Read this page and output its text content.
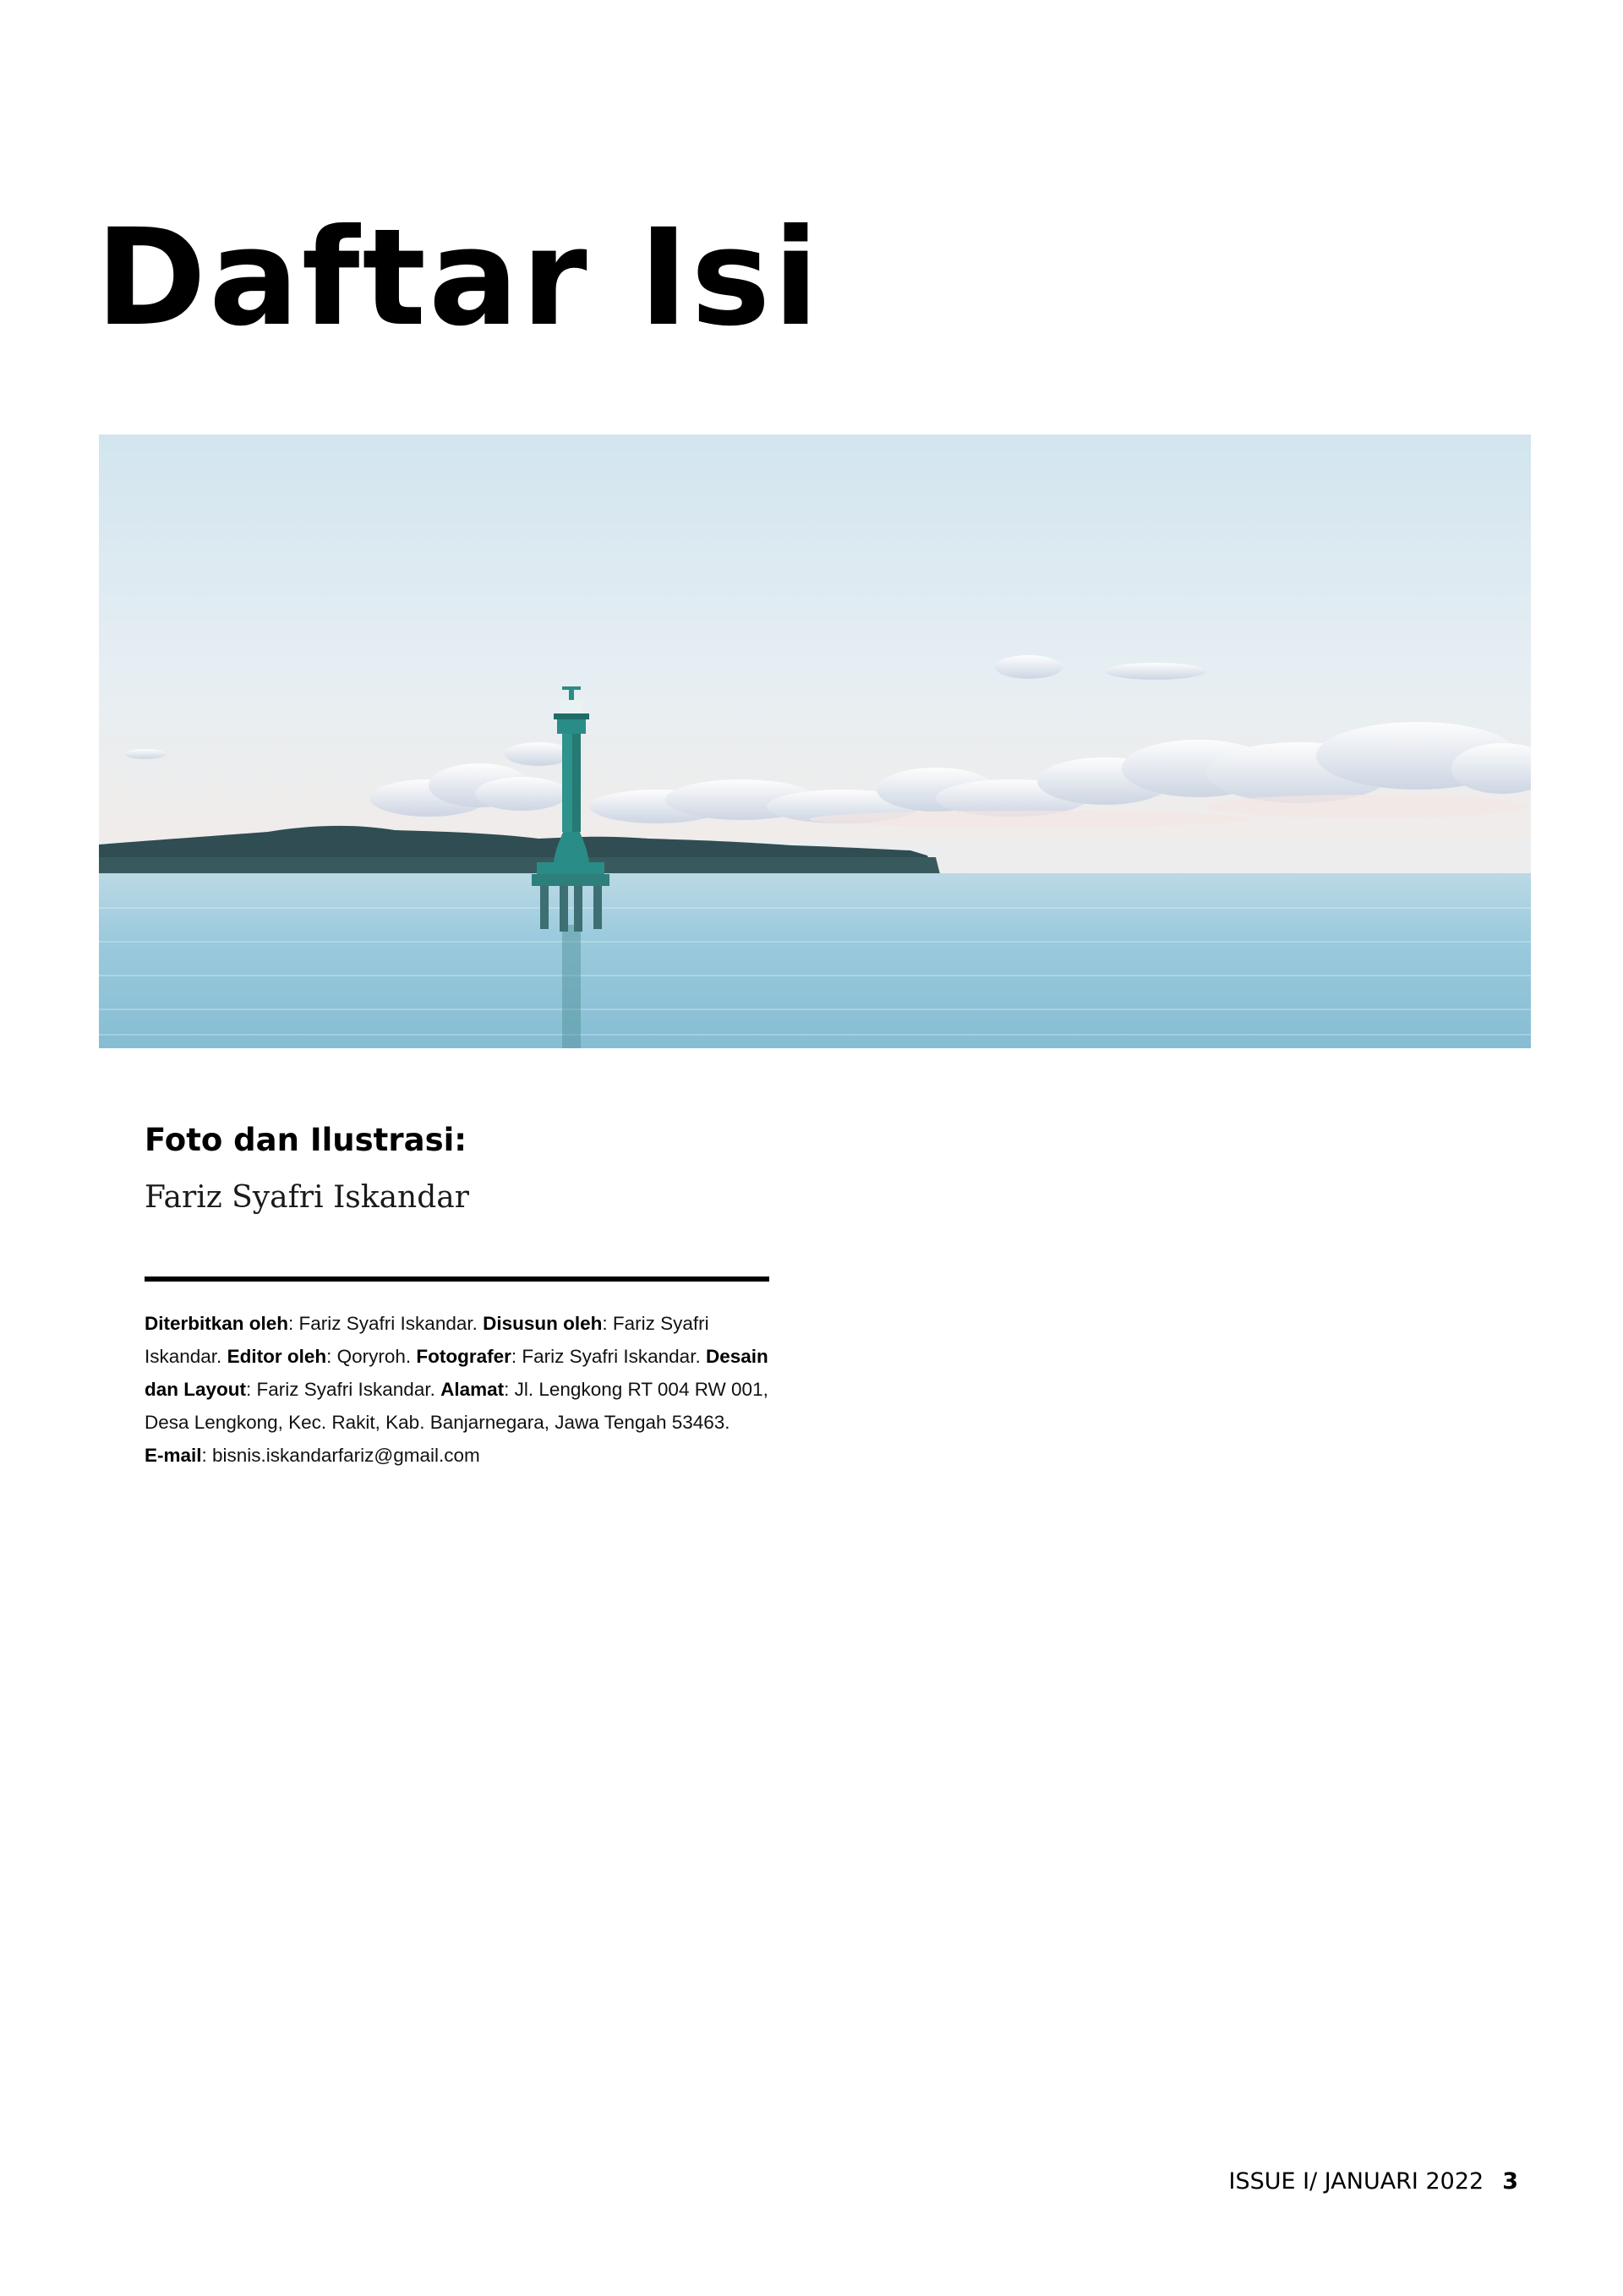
Daftar Isi
Foto dan Ilustrasi:

Fariz Syafri Iskandar

Diterbitkan oleh: Fariz Syafri Iskandar. Disusun oleh: Fariz Syafri Iskandar. Editor oleh: Qoryroh. Fotografer: Fariz Syafri Iskandar. Desain dan Layout: Fariz Syafri Iskandar. Alamat: Jl. Lengkong RT 004 RW 001, Desa Lengkong, Kec. Rakit, Kab. Banjarnegara, Jawa Tengah 53463.
E-mail: bisnis.iskandarfariz@gmail.com

ISSUE I/ JANUARI 2022 3
